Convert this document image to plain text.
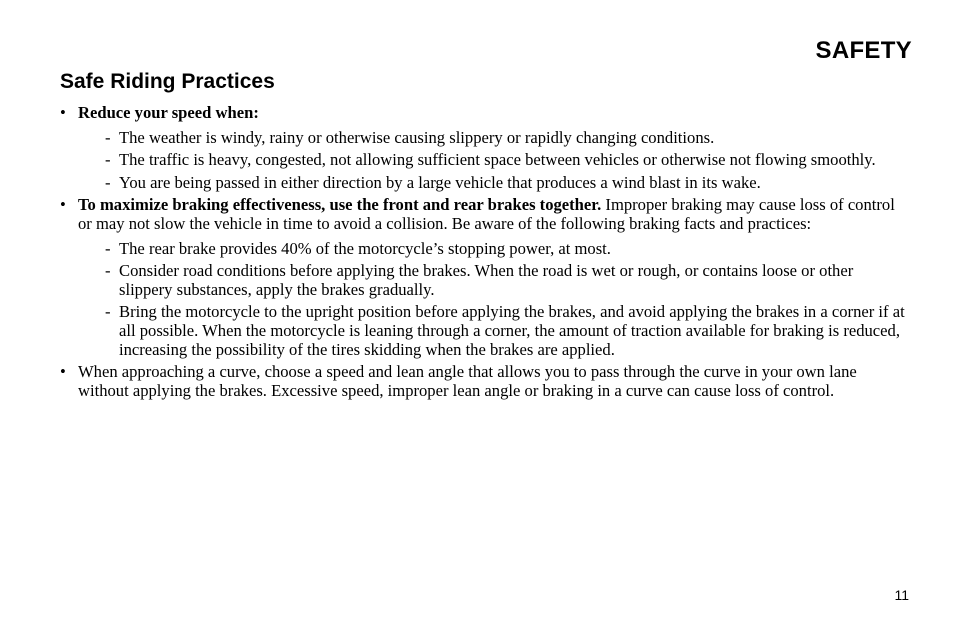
SAFETY
Safe Riding Practices
• Reduce your speed when:
- The weather is windy, rainy or otherwise causing slippery or rapidly changing conditions.
- The traffic is heavy, congested, not allowing sufficient space between vehicles or otherwise not flowing smoothly.
- You are being passed in either direction by a large vehicle that produces a wind blast in its wake.
• To maximize braking effectiveness, use the front and rear brakes together. Improper braking may cause loss of control or may not slow the vehicle in time to avoid a collision. Be aware of the following braking facts and practices:
- The rear brake provides 40% of the motorcycle’s stopping power, at most.
- Consider road conditions before applying the brakes. When the road is wet or rough, or contains loose or other slippery substances, apply the brakes gradually.
- Bring the motorcycle to the upright position before applying the brakes, and avoid applying the brakes in a corner if at all possible. When the motorcycle is leaning through a corner, the amount of traction available for braking is reduced, increasing the possibility of the tires skidding when the brakes are applied.
• When approaching a curve, choose a speed and lean angle that allows you to pass through the curve in your own lane without applying the brakes. Excessive speed, improper lean angle or braking in a curve can cause loss of control.
11
